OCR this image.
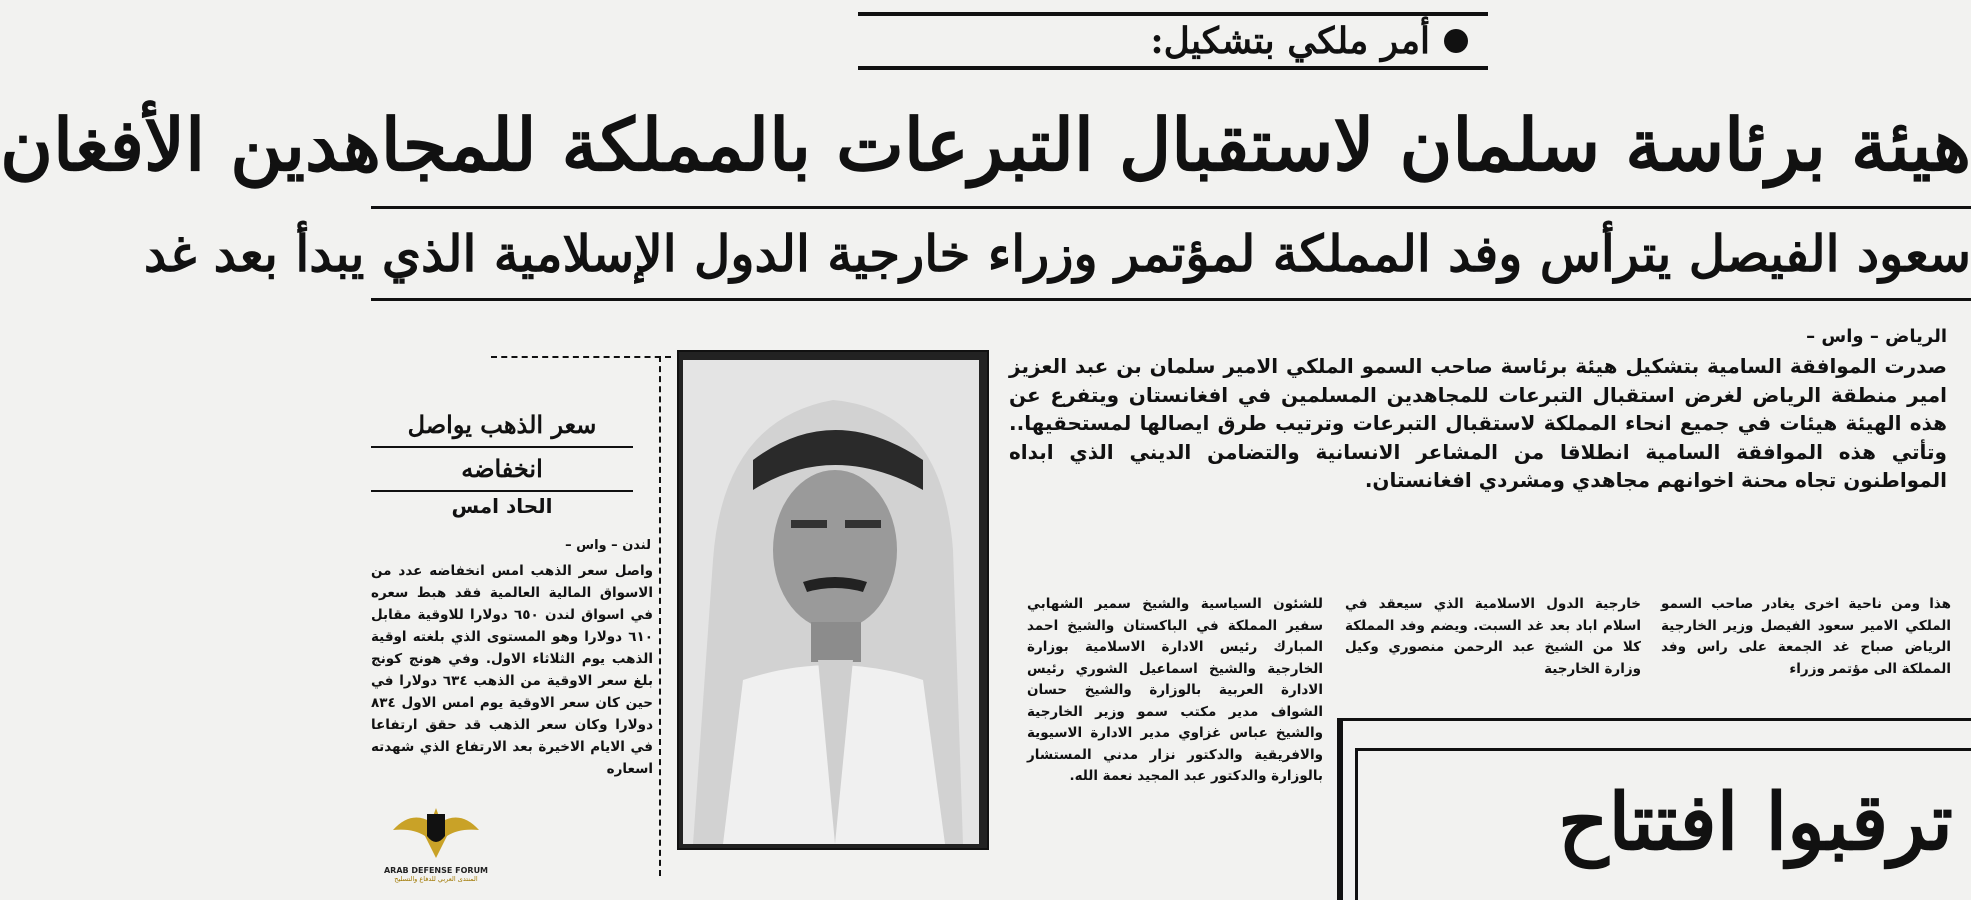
أمر ملكي بتشكيل:
هيئة برئاسة سلمان لاستقبال التبرعات بالمملكة للمجاهدين الأفغان
سعود الفيصل يترأس وفد المملكة لمؤتمر وزراء خارجية الدول الإسلامية الذي يبدأ بعد غد
الرياض – واس –
صدرت الموافقة السامية بتشكيل هيئة برئاسة صاحب السمو الملكي الامير سلمان بن عبد العزيز امير منطقة الرياض لغرض استقبال التبرعات للمجاهدين المسلمين في افغانستان ويتفرع عن هذه الهيئة هيئات في جميع انحاء المملكة لاستقبال التبرعات وترتيب طرق ايصالها لمستحقيها.. وتأتي هذه الموافقة السامية انطلاقا من المشاعر الانسانية والتضامن الديني الذي ابداه المواطنون تجاه محنة اخوانهم مجاهدي ومشردي افغانستان.
هذا ومن ناحية اخرى يغادر صاحب السمو الملكي الامير سعود الفيصل وزير الخارجية الرياض صباح غد الجمعة على راس وفد المملكة الى مؤتمر وزراء
خارجية الدول الاسلامية الذي سيعقد في اسلام اباد بعد غد السبت. ويضم وفد المملكة كلا من الشيخ عبد الرحمن منصوري وكيل وزارة الخارجية
للشئون السياسية والشيخ سمير الشهابي سفير المملكة في الباكستان والشيخ احمد المبارك رئيس الادارة الاسلامية بوزارة الخارجية والشيخ اسماعيل الشوري رئيس الادارة العربية بالوزارة والشيخ حسان الشواف مدير مكتب سمو وزير الخارجية والشيخ عباس غزاوي مدير الادارة الاسيوية والافريقية والدكتور نزار مدني المستشار بالوزارة والدكتور عبد المجيد نعمة الله.
سعر الذهب يواصل
انخفاضه
الحاد امس
لندن – واس –
واصل سعر الذهب امس انخفاضه عدد من الاسواق المالية العالمية فقد هبط سعره في اسواق لندن ٦٥٠ دولارا للاوقية مقابل ٦١٠ دولارا وهو المستوى الذي بلغته اوقية الذهب يوم الثلاثاء الاول. وفي هونج كونج بلغ سعر الاوقية من الذهب ٦٣٤ دولارا في حين كان سعر الاوقية يوم امس الاول ٨٣٤ دولارا وكان سعر الذهب قد حقق ارتفاعا في الايام الاخيرة بعد الارتفاع الذي شهدته اسعاره
ترقبوا افتتاح
ARAB DEFENSE FORUM
المنتدى العربي للدفاع والتسليح
